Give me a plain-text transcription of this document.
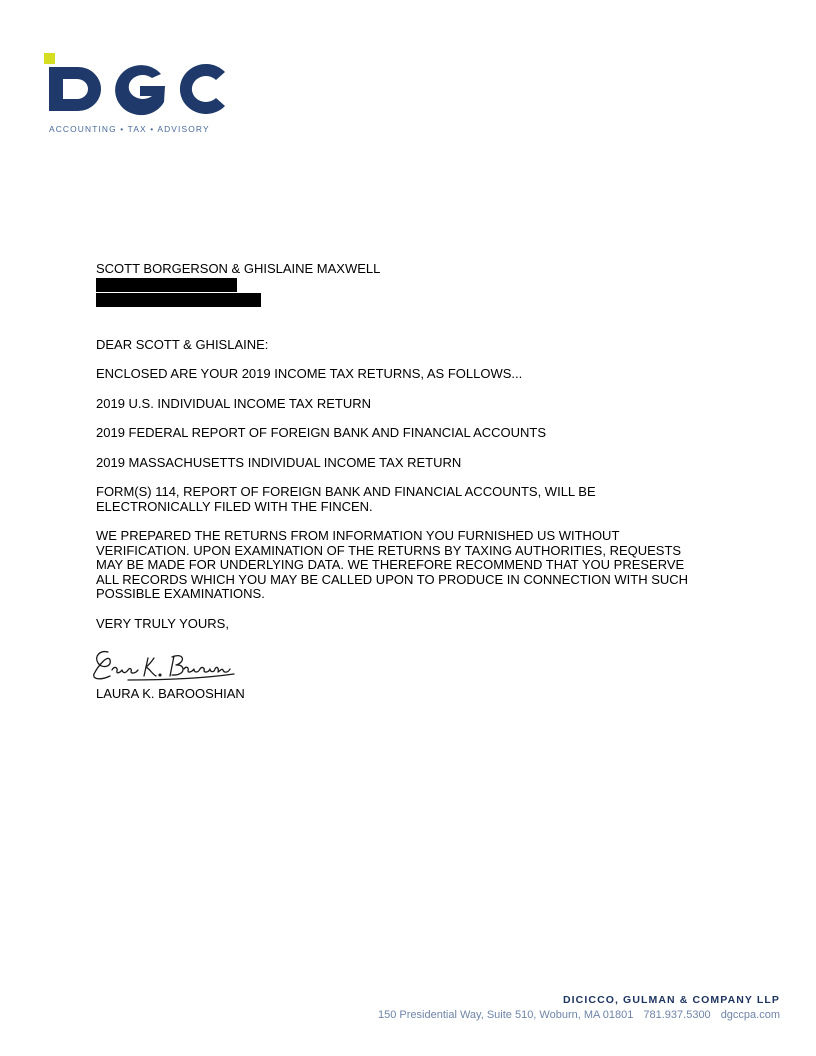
ACCOUNTING • TAX • ADVISORY

SCOTT BORGERSON & GHISLAINE MAXWELL

DEAR SCOTT & GHISLAINE:

ENCLOSED ARE YOUR 2019 INCOME TAX RETURNS, AS FOLLOWS...

2019 U.S. INDIVIDUAL INCOME TAX RETURN

2019 FEDERAL REPORT OF FOREIGN BANK AND FINANCIAL ACCOUNTS

2019 MASSACHUSETTS INDIVIDUAL INCOME TAX RETURN

FORM(S) 114, REPORT OF FOREIGN BANK AND FINANCIAL ACCOUNTS, WILL BE

ELECTRONICALLY FILED WITH THE FINCEN.

WE PREPARED THE RETURNS FROM INFORMATION YOU FURNISHED US WITHOUT

VERIFICATION. UPON EXAMINATION OF THE RETURNS BY TAXING AUTHORITIES, REQUESTS

MAY BE MADE FOR UNDERLYING DATA. WE THEREFORE RECOMMEND THAT YOU PRESERVE

ALL RECORDS WHICH YOU MAY BE CALLED UPON TO PRODUCE IN CONNECTION WITH SUCH

POSSIBLE EXAMINATIONS.

VERY TRULY YOURS,

LAURA K. BAROOSHIAN
DICICCO, GULMAN & COMPANY LLP
150 Presidential Way, Suite 510, Woburn, MA 01801 781.937.5300 dgccpa.com
